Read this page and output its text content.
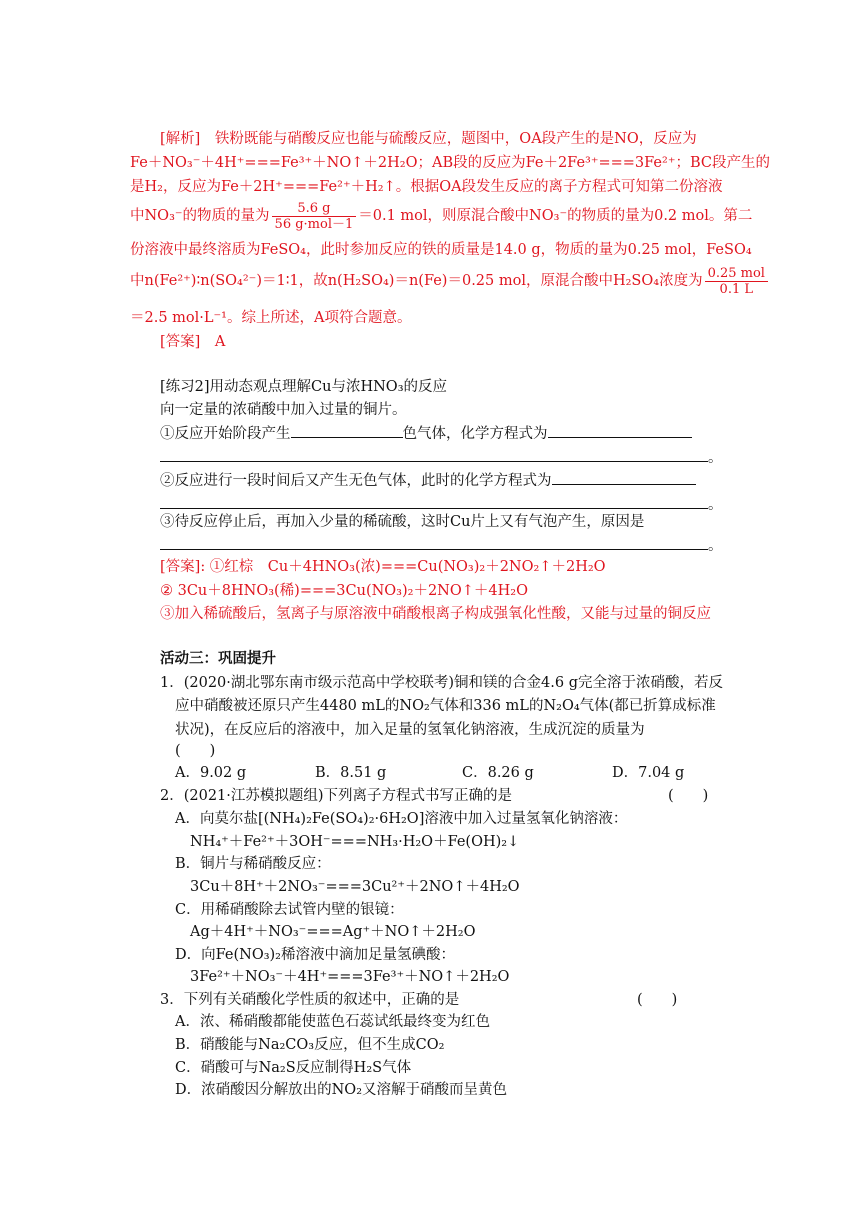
[解析]　铁粉既能与硝酸反应也能与硫酸反应，题图中，OA段产生的是NO，反应为
Fe＋NO₃⁻＋4H⁺===Fe³⁺＋NO↑＋2H₂O；AB段的反应为Fe＋2Fe³⁺===3Fe²⁺；BC段产生的
是H₂，反应为Fe＋2H⁺===Fe²⁺＋H₂↑。根据OA段发生反应的离子方程式可知第二份溶液
中NO₃⁻的物质的量为 $\frac{5.6 g}{\text{56 g·mol－1}} =0.1$ mol，则原混合酸中NO₃⁻的物质的量为0.2 mol。第二
份溶液中最终溶质为FeSO₄，此时参加反应的铁的质量是14.0 g，物质的量为0.25 mol，FeSO₄
中n(Fe²⁺)∶n(SO₄²⁻)＝1∶1，故n(H₂SO₄)＝n(Fe)＝0.25 mol，原混合酸中H₂SO₄浓度为 $\frac{\text{0.25 mol}}{0.1 L}$
＝2.5 mol·L⁻¹。综上所述，A项符合题意。
[答案]　A
[练习2]用动态观点理解Cu与浓HNO₃的反应
向一定量的浓硝酸中加入过量的铜片。
①反应开始阶段产生	色气体，化学方程式为
。
②反应进行一段时间后又产生无色气体，此时的化学方程式为
。
③待反应停止后，再加入少量的稀硫酸，这时Cu片上又有气泡产生，原因是
。
[答案]: ①红棕　Cu＋4HNO₃(浓)===Cu(NO₃)₂＋2NO₂↑＋2H₂O
② 3Cu＋8HNO₃(稀)===3Cu(NO₃)₂＋2NO↑＋4H₂O
③加入稀硫酸后，氢离子与原溶液中硝酸根离子构成强氧化性酸，又能与过量的铜反应
活动三：巩固提升
1．(2020·湖北鄂东南市级示范高中学校联考)铜和镁的合金4.6 g完全溶于浓硝酸，若反
应中硝酸被还原只产生4480 mL的NO₂气体和336 mL的N₂O₄气体(都已折算成标准
状况)，在反应后的溶液中，加入足量的氢氧化钠溶液，生成沉淀的质量为
(　　)
A．9.02 g	B．8.51 g	C．8.26 g	D．7.04 g
2．(2021·江苏模拟题组)下列离子方程式书写正确的是	(　　)
A．向莫尔盐[(NH₄)₂Fe(SO₄)₂·6H₂O]溶液中加入过量氢氧化钠溶液：
NH₄⁺＋Fe²⁺＋3OH⁻===NH₃·H₂O＋Fe(OH)₂↓
B．铜片与稀硝酸反应：
3Cu＋8H⁺＋2NO₃⁻===3Cu²⁺＋2NO↑＋4H₂O
C．用稀硝酸除去试管内壁的银镜：
Ag＋4H⁺＋NO₃⁻===Ag⁺＋NO↑＋2H₂O
D．向Fe(NO₃)₂稀溶液中滴加足量氢碘酸：
3Fe²⁺＋NO₃⁻＋4H⁺===3Fe³⁺＋NO↑＋2H₂O
3．下列有关硝酸化学性质的叙述中，正确的是	(　　)
A．浓、稀硝酸都能使蓝色石蕊试纸最终变为红色
B．硝酸能与Na₂CO₃反应，但不生成CO₂
C．硝酸可与Na₂S反应制得H₂S气体
D．浓硝酸因分解放出的NO₂又溶解于硝酸而呈黄色
